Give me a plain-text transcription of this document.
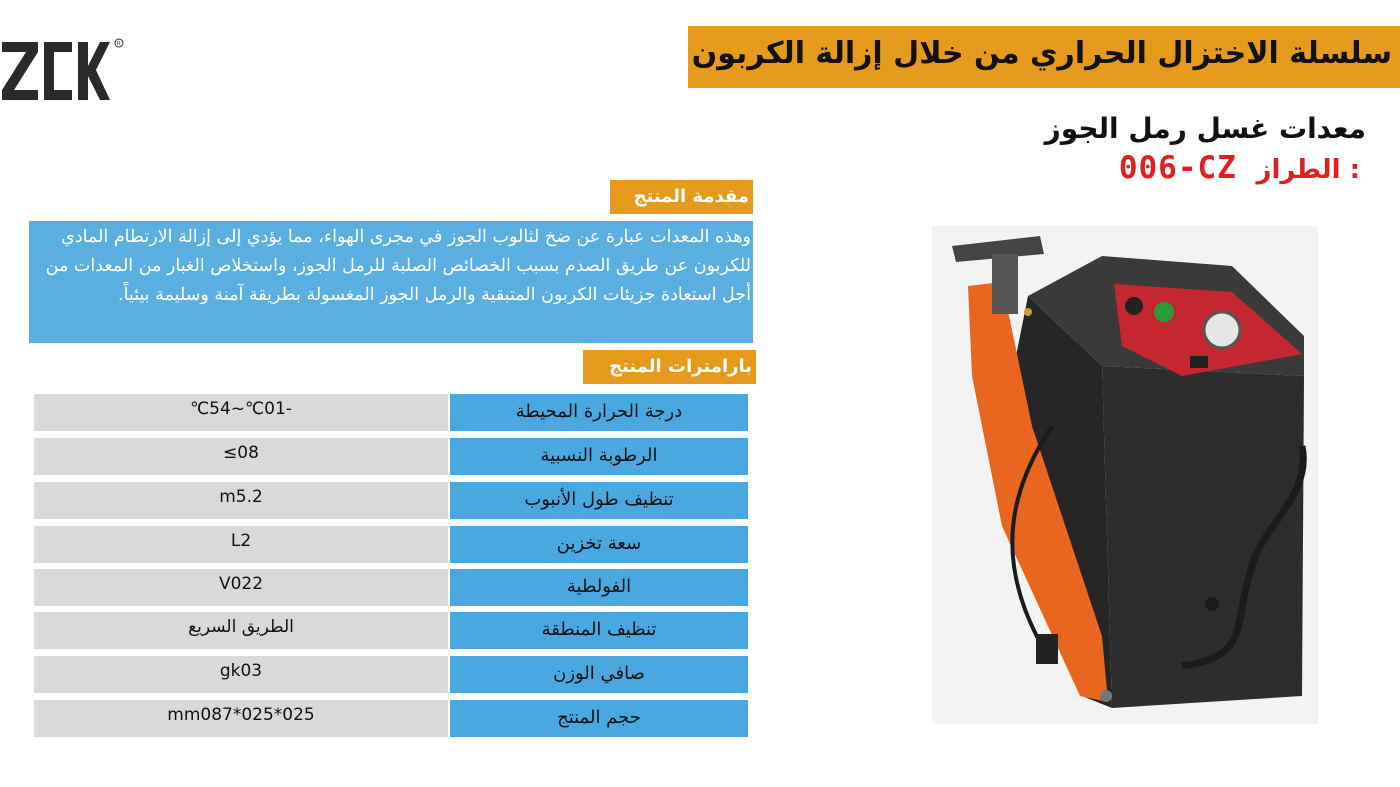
R	سلسلة الاختزال الحراري من خلال إزالة الكربون
معدات غسل رمل الجوز
006-CZ الطراز :
مقدمة المنتج
وهذه المعدات عبارة عن ضخ لثالوب الجوز في مجرى الهواء، مما يؤدي إلى إزالة الارتطام المادي للكربون عن طريق الصدم بسبب الخصائص الصلبة للرمل الجوز، واستخلاص الغبار من المعدات من أجل استعادة جزيئات الكربون المتبقية والرمل الجوز المغسولة بطريقة آمنة وسليمة بيئياً.
بارامترات المنتج
℃54~℃01-	درجة الحرارة المحيطة
≤08	الرطوبة النسبية
m5.2	تنظيف طول الأنبوب
L2	سعة تخزين
V022	الفولطية
الطريق السريع	تنظيف المنطقة
gk03	صافي الوزن
mm087*025*025	حجم المنتج
